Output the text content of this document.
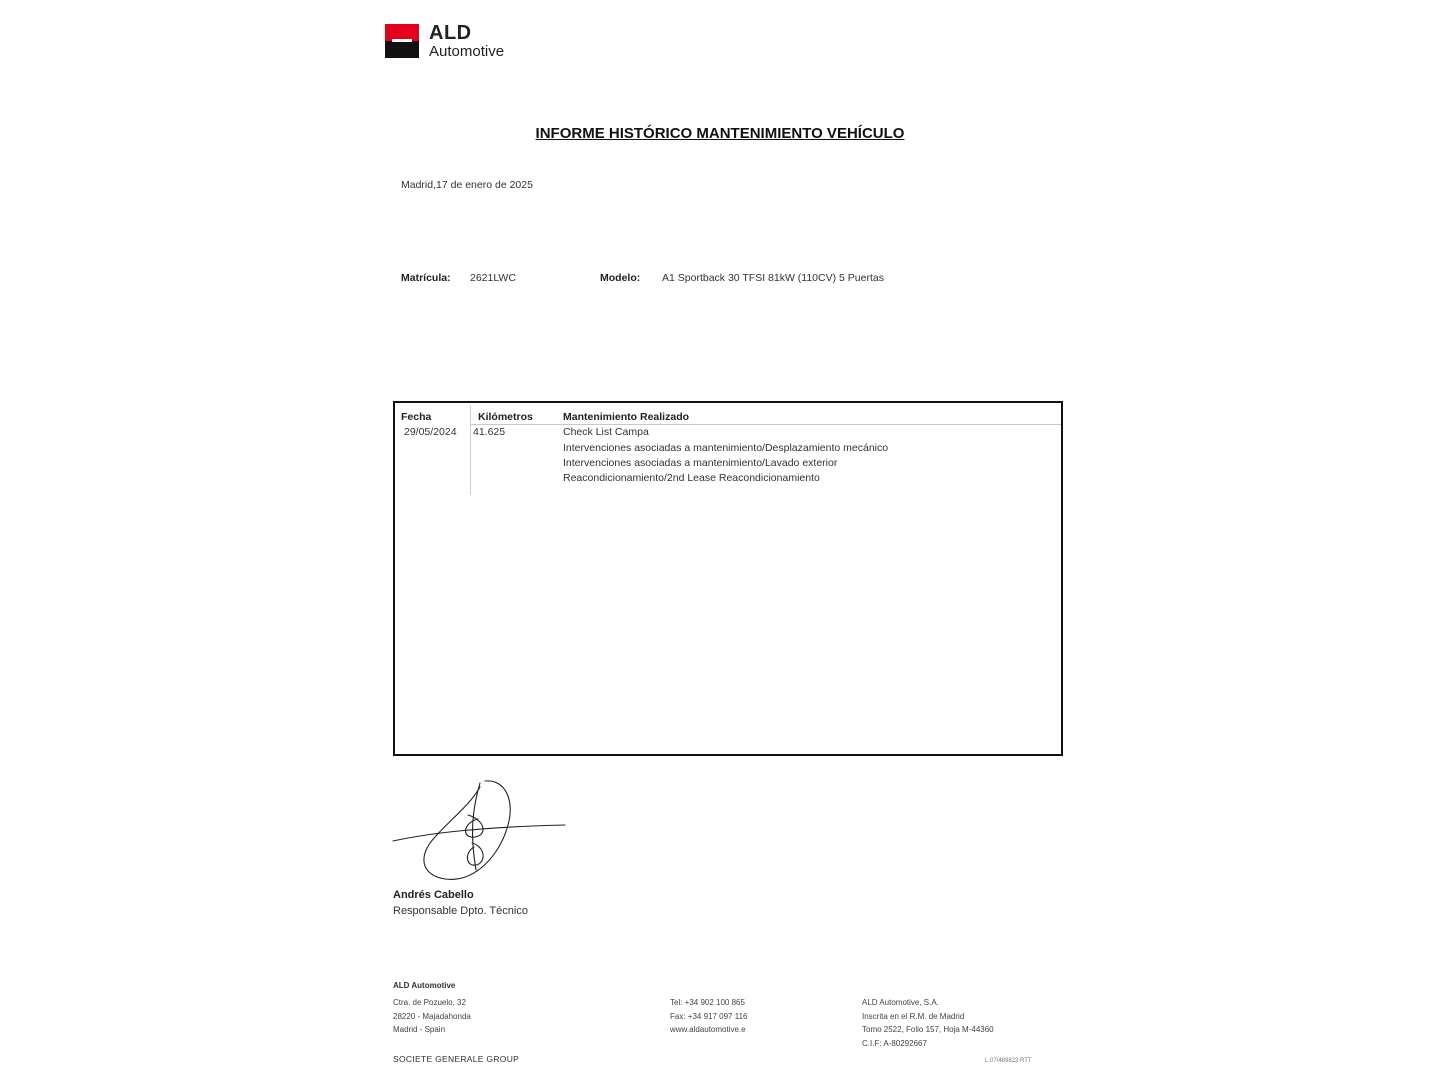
ALD
Automotive
INFORME HISTÓRICO MANTENIMIENTO VEHÍCULO
Madrid,17 de enero de 2025
Matrícula: 2621LWC	Modelo: A1 Sportback 30 TFSI 81kW (110CV) 5 Puertas
Fecha	Kilómetros	Mantenimiento Realizado
29/05/2024 41.625	Check List Campa
Intervenciones asociadas a mantenimiento/Desplazamiento mecánico
Intervenciones asociadas a mantenimiento/Lavado exterior
Reacondicionamiento/2nd Lease Reacondicionamiento
Andrés Cabello
Responsable Dpto. Técnico
ALD Automotive
Ctra. de Pozuelo, 32
28220 - Majadahonda
Madrid - Spain
Tel: +34 902 100 865
Fax: +34 917 097 116
www.aldautomotive.e
ALD Automotive, S.A.
Inscrita en el R.M. de Madrid
Tomo 2522, Folio 157, Hoja M-44360
C.I.F: A-80292667
SOCIETE GENERALE GROUP	L.07/489822 RTT
